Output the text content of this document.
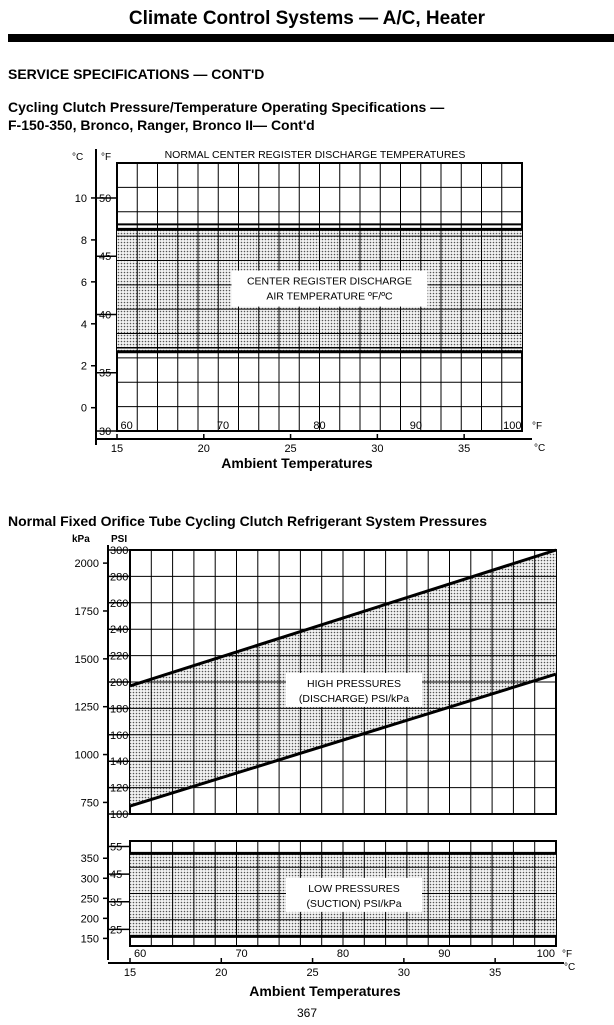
Climate Control Systems — A/C, Heater
SERVICE SPECIFICATIONS — CONT'D
Cycling Clutch Pressure/Temperature Operating Specifications —
F-150-350, Bronco, Ranger, Bronco II— Cont'd
CENTER REGISTER DISCHARGE
AIR TEMPERATURE ºF/ºC
NORMAL CENTER REGISTER DISCHARGE TEMPERATURES
°C °F
0
2
4
6
8
10
30
35
40
45
50
60	70	80	90	100 °F
15	20	25	30	35	°C
Ambient Temperatures
Normal Fixed Orifice Tube Cycling Clutch Refrigerant System Pressures
kPa PSI
HIGH PRESSURES
(DISCHARGE) PSI/kPa
100
120
140
160
180
200
220
240
260
280
300
750
1000
1250
1500
1750
2000
LOW PRESSURES
(SUCTION) PSI/kPa
25
35
45
55
150
200
250
300
350
60	70	80	90	100 °F
15	20	25	30	35	°C
Ambient Temperatures
367
